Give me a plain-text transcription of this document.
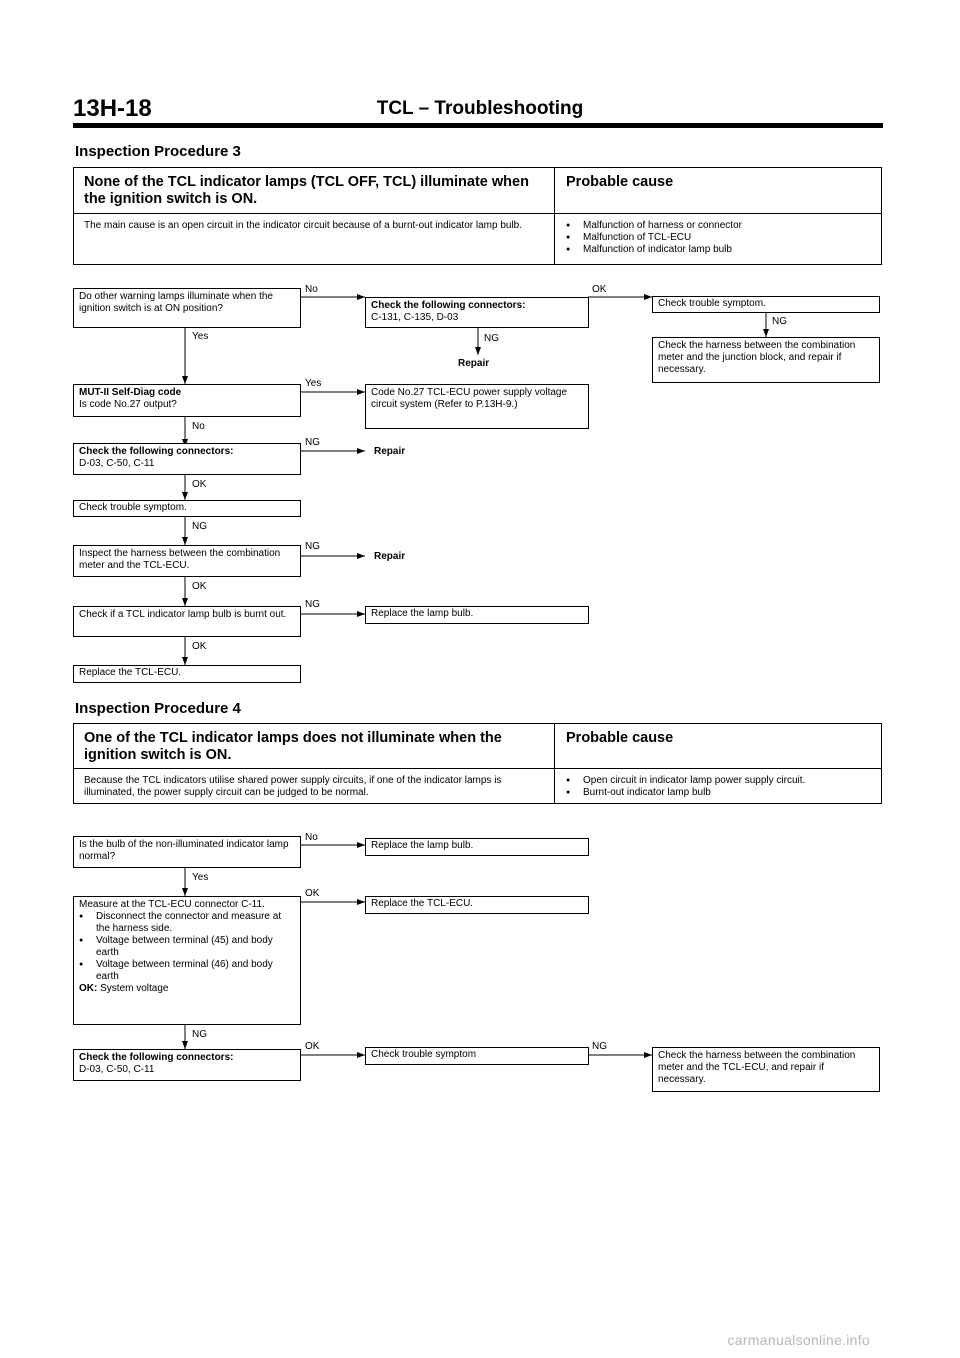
13H-18	TCL – Troubleshooting
Inspection Procedure 3
None of the TCL indicator lamps (TCL OFF, TCL) illuminate when the ignition switch is ON.
Probable cause
The main cause is an open circuit in the indicator circuit because of a burnt-out indicator lamp bulb.
●	Malfunction of harness or connector
● Malfunction of TCL-ECU
● Malfunction of indicator lamp bulb
Do other warning lamps illuminate when the ignition switch is at ON position?
MUT-II Self-Diag code
Is code No.27 output?
Check the following connectors:
D-03, C-50, C-11
Check trouble symptom.
Inspect the harness between the combination meter and the TCL-ECU.
Check if a TCL indicator lamp bulb is burnt out.
Replace the TCL-ECU.
No
Yes
Yes
No
NG
OK
NG
NG
OK
NG
OK
NG
OK
NG
Check the following connectors:
C-131, C-135, D-03
Repair
Code No.27 TCL-ECU power supply voltage circuit system (Refer to P.13H-9.)
Repair
Repair
Replace the lamp bulb.
Check trouble symptom.
Check the harness between the combination meter and the junction block, and repair if necessary.
Inspection Procedure 4
One of the TCL indicator lamps does not illuminate when the ignition switch is ON.
Probable cause
Because the TCL indicators utilise shared power supply circuits, if one of the indicator lamps is illuminated, the power supply circuit can be judged to be normal.
● Open circuit in indicator lamp power supply circuit.
● Burnt-out indicator lamp bulb
Is the bulb of the non-illuminated indicator lamp normal?
Measure at the TCL-ECU connector C-11.
● Disconnect the connector and measure at the harness side.
● Voltage between terminal (45) and body earth
● Voltage between terminal (46) and body earth
OK: System voltage
Check the following connectors:
D-03, C-50, C-11
No
Yes
OK
NG
OK	NG
Replace the lamp bulb.
Replace the TCL-ECU.
Check trouble symptom	Check the harness between the combination meter and the TCL-ECU, and repair if necessary.
carmanualsonline.info
